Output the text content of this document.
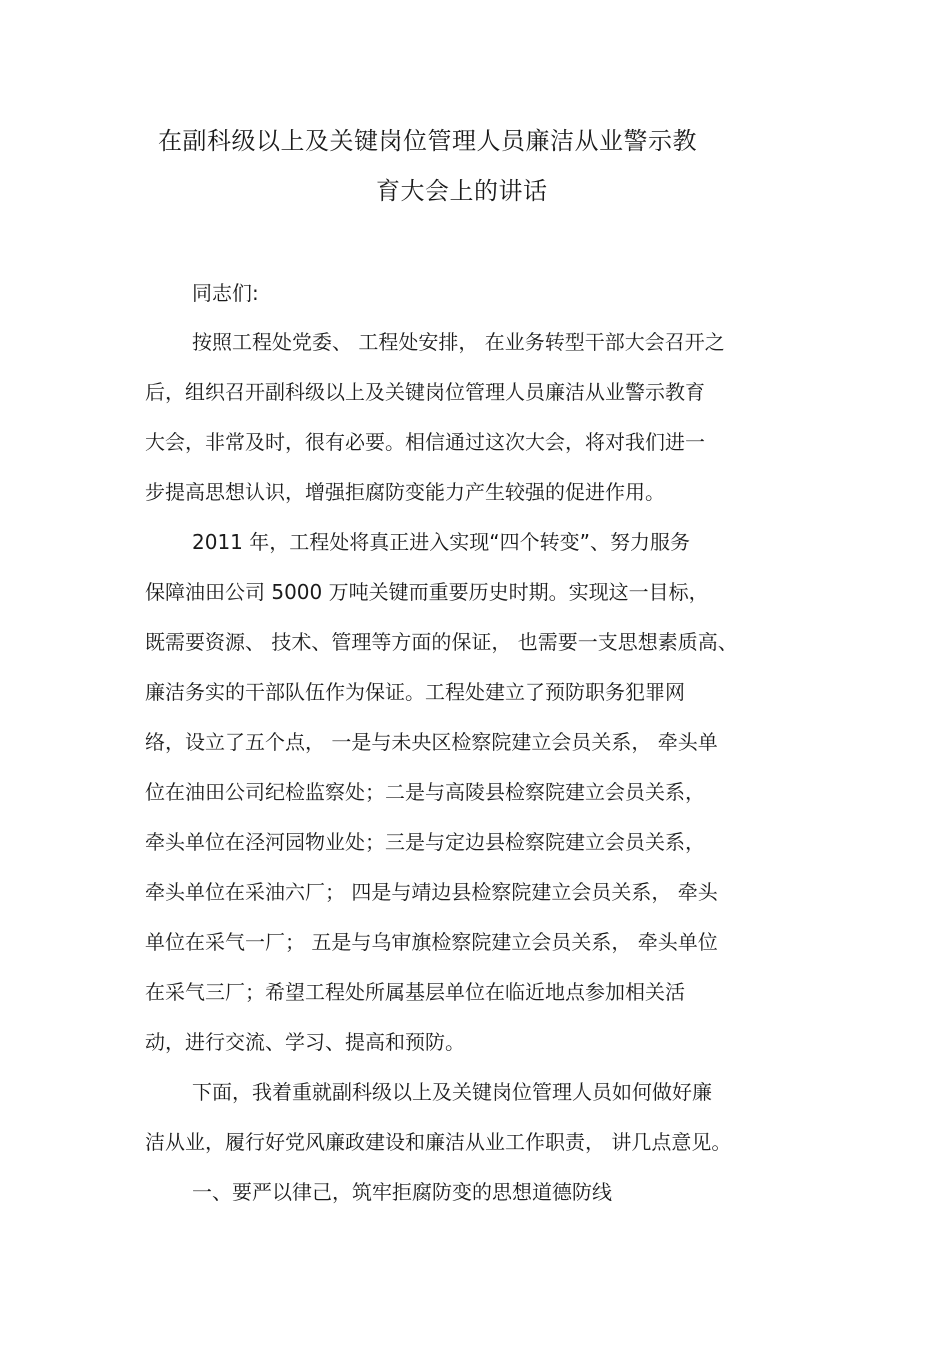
在副科级以上及关键岗位管理人员廉洁从业警示教
育大会上的讲话
同志们:
按照工程处党委、 工程处安排， 在业务转型干部大会召开之
后，组织召开副科级以上及关键岗位管理人员廉洁从业警示教育
大会，非常及时，很有必要。相信通过这次大会，将对我们进一
步提高思想认识，增强拒腐防变能力产生较强的促进作用。
2011 年，工程处将真正进入实现“四个转变”、努力服务
保障油田公司 5000 万吨关键而重要历史时期。实现这一目标，
既需要资源、 技术、管理等方面的保证， 也需要一支思想素质高、
廉洁务实的干部队伍作为保证。工程处建立了预防职务犯罪网
络，设立了五个点， 一是与未央区检察院建立会员关系， 牵头单
位在油田公司纪检监察处；二是与高陵县检察院建立会员关系，
牵头单位在泾河园物业处；三是与定边县检察院建立会员关系，
牵头单位在采油六厂； 四是与靖边县检察院建立会员关系， 牵头
单位在采气一厂； 五是与乌审旗检察院建立会员关系， 牵头单位
在采气三厂；希望工程处所属基层单位在临近地点参加相关活
动，进行交流、学习、提高和预防。
下面，我着重就副科级以上及关键岗位管理人员如何做好廉
洁从业，履行好党风廉政建设和廉洁从业工作职责， 讲几点意见。
一、要严以律己，筑牢拒腐防变的思想道德防线
